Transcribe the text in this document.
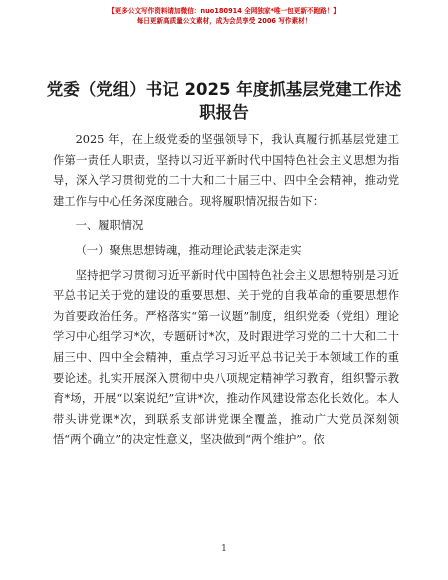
【更多公文写作资料请加微信：nuo180914 全网独家*唯一包更新不跑路！】
每日更新高质量公文素材，成为会员享受 2006 写作素材！
党委（党组）书记 2025 年度抓基层党建工作述职报告

2025 年，在上级党委的坚强领导下，我认真履行抓基层党建工作第一责任人职责，坚持以习近平新时代中国特色社会主义思想为指导，深入学习贯彻党的二十大和二十届三中、四中全会精神，推动党建工作与中心任务深度融合。现将履职情况报告如下：

一、履职情况

（一）聚焦思想铸魂，推动理论武装走深走实

坚持把学习贯彻习近平新时代中国特色社会主义思想特别是习近平总书记关于党的建设的重要思想、关于党的自我革命的重要思想作为首要政治任务。严格落实“第一议题”制度，组织党委（党组）理论学习中心组学习*次，专题研讨*次，及时跟进学习党的二十大和二十届三中、四中全会精神，重点学习习近平总书记关于本领域工作的重要论述。扎实开展深入贯彻中央八项规定精神学习教育，组织警示教育*场，开展“以案说纪”宣讲*次，推动作风建设常态化长效化。本人带头讲党课*次，到联系支部讲党课全覆盖，推动广大党员深刻领悟“两个确立”的决定性意义，坚决做到“两个维护”。依

1
